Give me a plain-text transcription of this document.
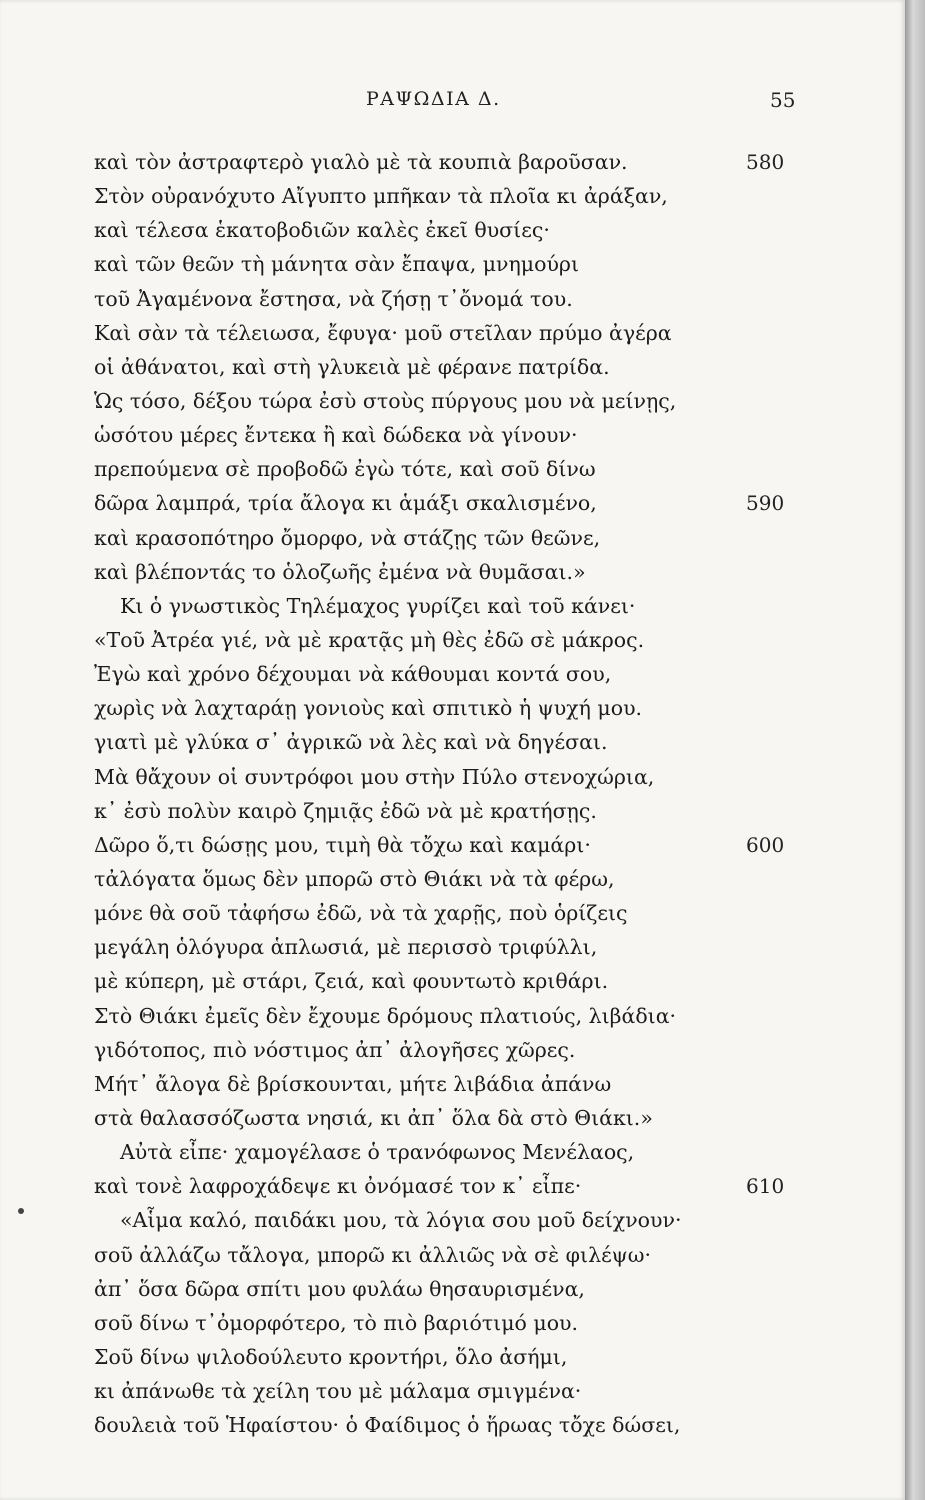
ΡΑΨΩΔΙΑ Δ.	55
καὶ τὸν ἀστραφτερὸ γιαλὸ μὲ τὰ κουπιὰ βαροῦσαν.	580
Στὸν οὐρανόχυτο Αἴγυπτο μπῆκαν τὰ πλοῖα κι ἀράξαν,
καὶ τέλεσα ἑκατοβοδιῶν καλὲς ἐκεῖ θυσίες·
καὶ τῶν θεῶν τὴ μάνητα σὰν ἔπαψα, μνημούρι
τοῦ Ἀγαμένονα ἔστησα, νὰ ζήσῃ τ᾽ὄνομά του.
Καὶ σὰν τὰ τέλειωσα, ἔφυγα· μοῦ στεῖλαν πρύμο ἀγέρα
οἱ ἀθάνατοι, καὶ στὴ γλυκειὰ μὲ φέρανε πατρίδα.
Ὡς τόσο, δέξου τώρα ἐσὺ στοὺς πύργους μου νὰ μείνῃς,
ὡσότου μέρες ἔντεκα ἢ καὶ δώδεκα νὰ γίνουν·
πρεπούμενα σὲ προβοδῶ ἐγὼ τότε, καὶ σοῦ δίνω
δῶρα λαμπρά, τρία ἄλογα κι ἁμάξι σκαλισμένο,	590
καὶ κρασοπότηρο ὄμορφο, νὰ στάζῃς τῶν θεῶνε,
καὶ βλέποντάς το ὁλοζωῆς ἐμένα νὰ θυμᾶσαι.»
Κι ὁ γνωστικὸς Τηλέμαχος γυρίζει καὶ τοῦ κάνει·
«Τοῦ Ἀτρέα γιέ, νὰ μὲ κρατᾷς μὴ θὲς ἐδῶ σὲ μάκρος.
Ἐγὼ καὶ χρόνο δέχουμαι νὰ κάθουμαι κοντά σου,
χωρὶς νὰ λαχταράῃ γονιοὺς καὶ σπιτικὸ ἡ ψυχή μου.
γιατὶ μὲ γλύκα σ᾽ ἀγρικῶ νὰ λὲς καὶ νὰ δηγέσαι.
Μὰ θἄχουν οἱ συντρόφοι μου στὴν Πύλο στενοχώρια,
κ᾽ ἐσὺ πολὺν καιρὸ ζημιᾷς ἐδῶ νὰ μὲ κρατήσῃς.
Δῶρο ὅ,τι δώσῃς μου, τιμὴ θὰ τὄχω καὶ καμάρι·	600
τἀλόγατα ὅμως δὲν μπορῶ στὸ Θιάκι νὰ τὰ φέρω,
μόνε θὰ σοῦ τἀφήσω ἐδῶ, νὰ τὰ χαρῇς, ποὺ ὁρίζεις
μεγάλη ὁλόγυρα ἁπλωσιά, μὲ περισσὸ τριφύλλι,
μὲ κύπερη, μὲ στάρι, ζειά, καὶ φουντωτὸ κριθάρι.
Στὸ Θιάκι ἐμεῖς δὲν ἔχουμε δρόμους πλατιούς, λιβάδια·
γιδότοπος, πιὸ νόστιμος ἀπ᾽ ἀλογῆσες χῶρες.
Μήτ᾽ ἄλογα δὲ βρίσκουνται, μήτε λιβάδια ἀπάνω
στὰ θαλασσόζωστα νησιά, κι ἀπ᾽ ὅλα δὰ στὸ Θιάκι.»
Αὐτὰ εἶπε· χαμογέλασε ὁ τρανόφωνος Μενέλαος,
καὶ τονὲ λαφροχάδεψε κι ὀνόμασέ τον κ᾽ εἶπε·	610
«Αἷμα καλό, παιδάκι μου, τὰ λόγια σου μοῦ δείχνουν·
σοῦ ἀλλάζω τἄλογα, μπορῶ κι ἀλλιῶς νὰ σὲ φιλέψω·
ἀπ᾽ ὅσα δῶρα σπίτι μου φυλάω θησαυρισμένα,
σοῦ δίνω τ᾽ὀμορφότερο, τὸ πιὸ βαριότιμό μου.
Σοῦ δίνω ψιλοδούλευτο κροντήρι, ὅλο ἀσήμι,
κι ἀπάνωθε τὰ χείλη του μὲ μάλαμα σμιγμένα·
δουλειὰ τοῦ Ἡφαίστου· ὁ Φαίδιμος ὁ ἥρωας τὄχε δώσει,
